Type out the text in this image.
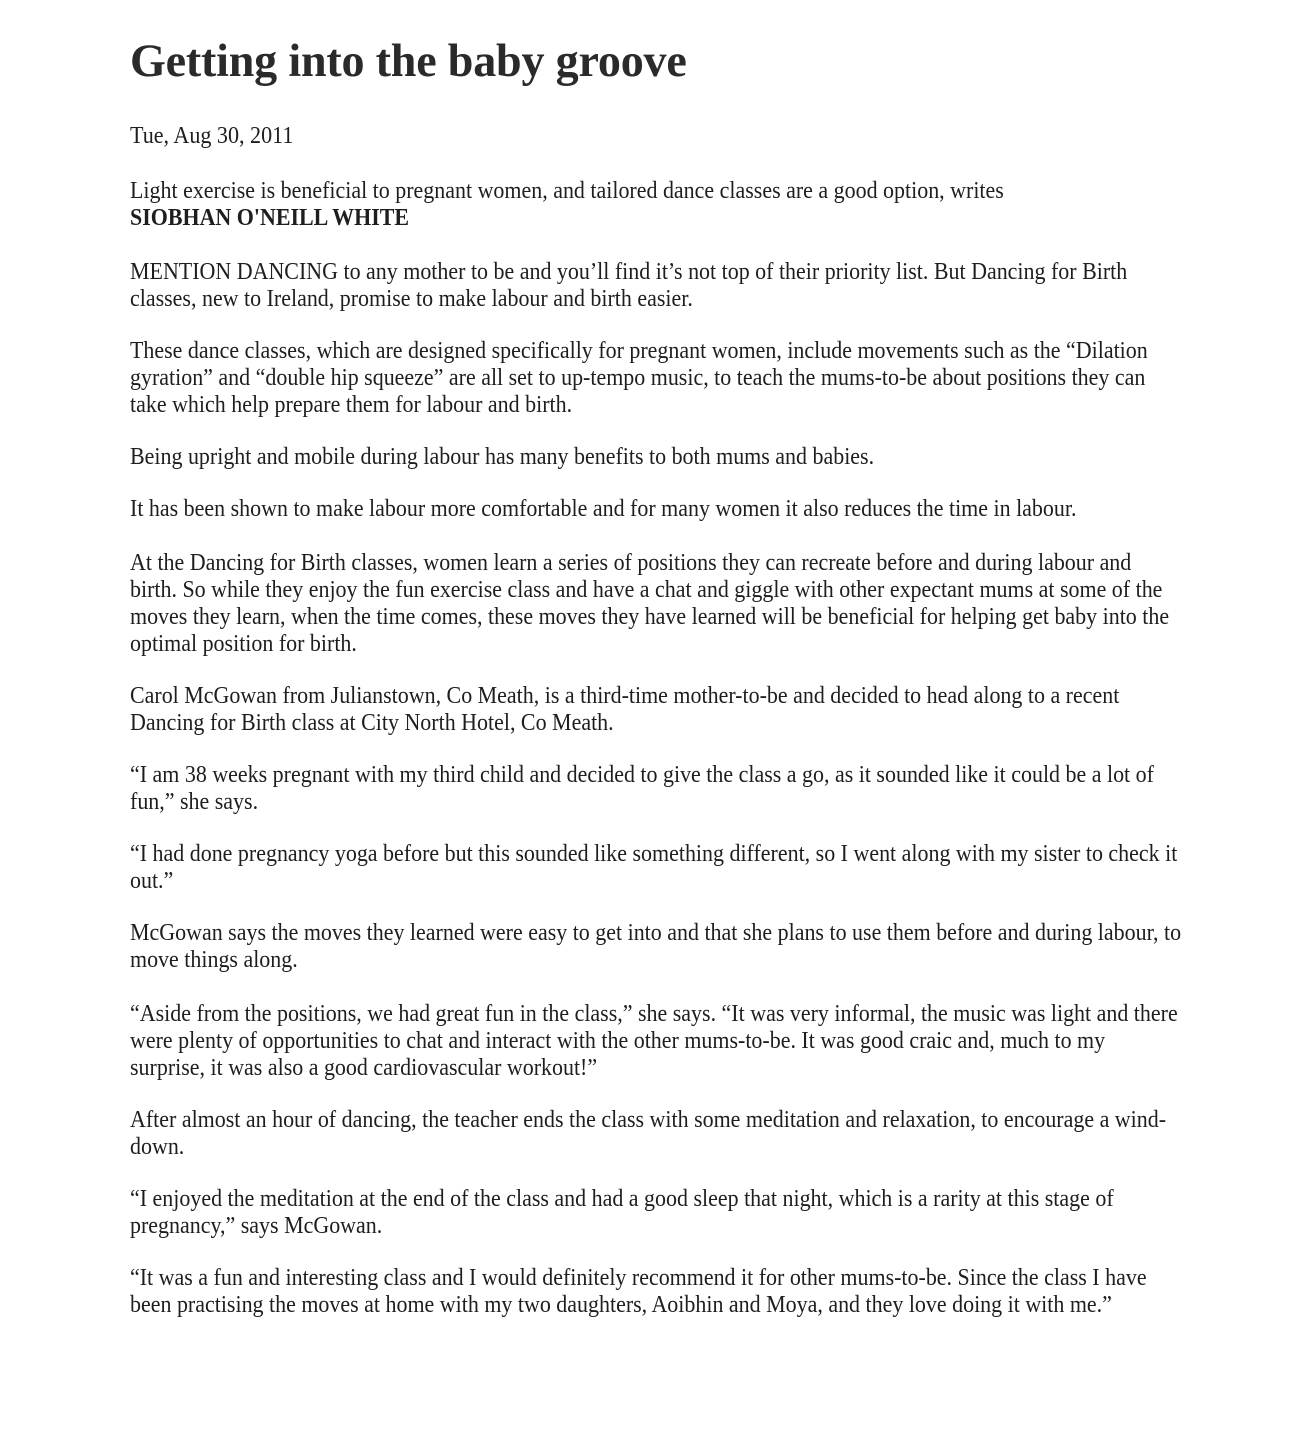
Getting into the baby groove
Tue, Aug 30, 2011

Light exercise is beneficial to pregnant women, and tailored dance classes are a good option, writes
SIOBHAN O'NEILL WHITE

MENTION DANCING to any mother to be and you’ll find it’s not top of their priority list. But Dancing for Birth classes, new to Ireland, promise to make labour and birth easier.

These dance classes, which are designed specifically for pregnant women, include movements such as the “Dilation gyration” and “double hip squeeze” are all set to up-tempo music, to teach the mums-to-be about positions they can take which help prepare them for labour and birth.

Being upright and mobile during labour has many benefits to both mums and babies.

It has been shown to make labour more comfortable and for many women it also reduces the time in labour.

At the Dancing for Birth classes, women learn a series of positions they can recreate before and during labour and birth. So while they enjoy the fun exercise class and have a chat and giggle with other expectant mums at some of the moves they learn, when the time comes, these moves they have learned will be beneficial for helping get baby into the optimal position for birth.

Carol McGowan from Julianstown, Co Meath, is a third-time mother-to-be and decided to head along to a recent Dancing for Birth class at City North Hotel, Co Meath.

“I am 38 weeks pregnant with my third child and decided to give the class a go, as it sounded like it could be a lot of fun,” she says.

“I had done pregnancy yoga before but this sounded like something different, so I went along with my sister to check it out.”

McGowan says the moves they learned were easy to get into and that she plans to use them before and during labour, to move things along.

“Aside from the positions, we had great fun in the class,” she says. “It was very informal, the music was light and there were plenty of opportunities to chat and interact with the other mums-to-be. It was good craic and, much to my surprise, it was also a good cardiovascular workout!”

After almost an hour of dancing, the teacher ends the class with some meditation and relaxation, to encourage a wind-down.

“I enjoyed the meditation at the end of the class and had a good sleep that night, which is a rarity at this stage of pregnancy,” says McGowan.

“It was a fun and interesting class and I would definitely recommend it for other mums-to-be. Since the class I have been practising the moves at home with my two daughters, Aoibhin and Moya, and they love doing it with me.”
